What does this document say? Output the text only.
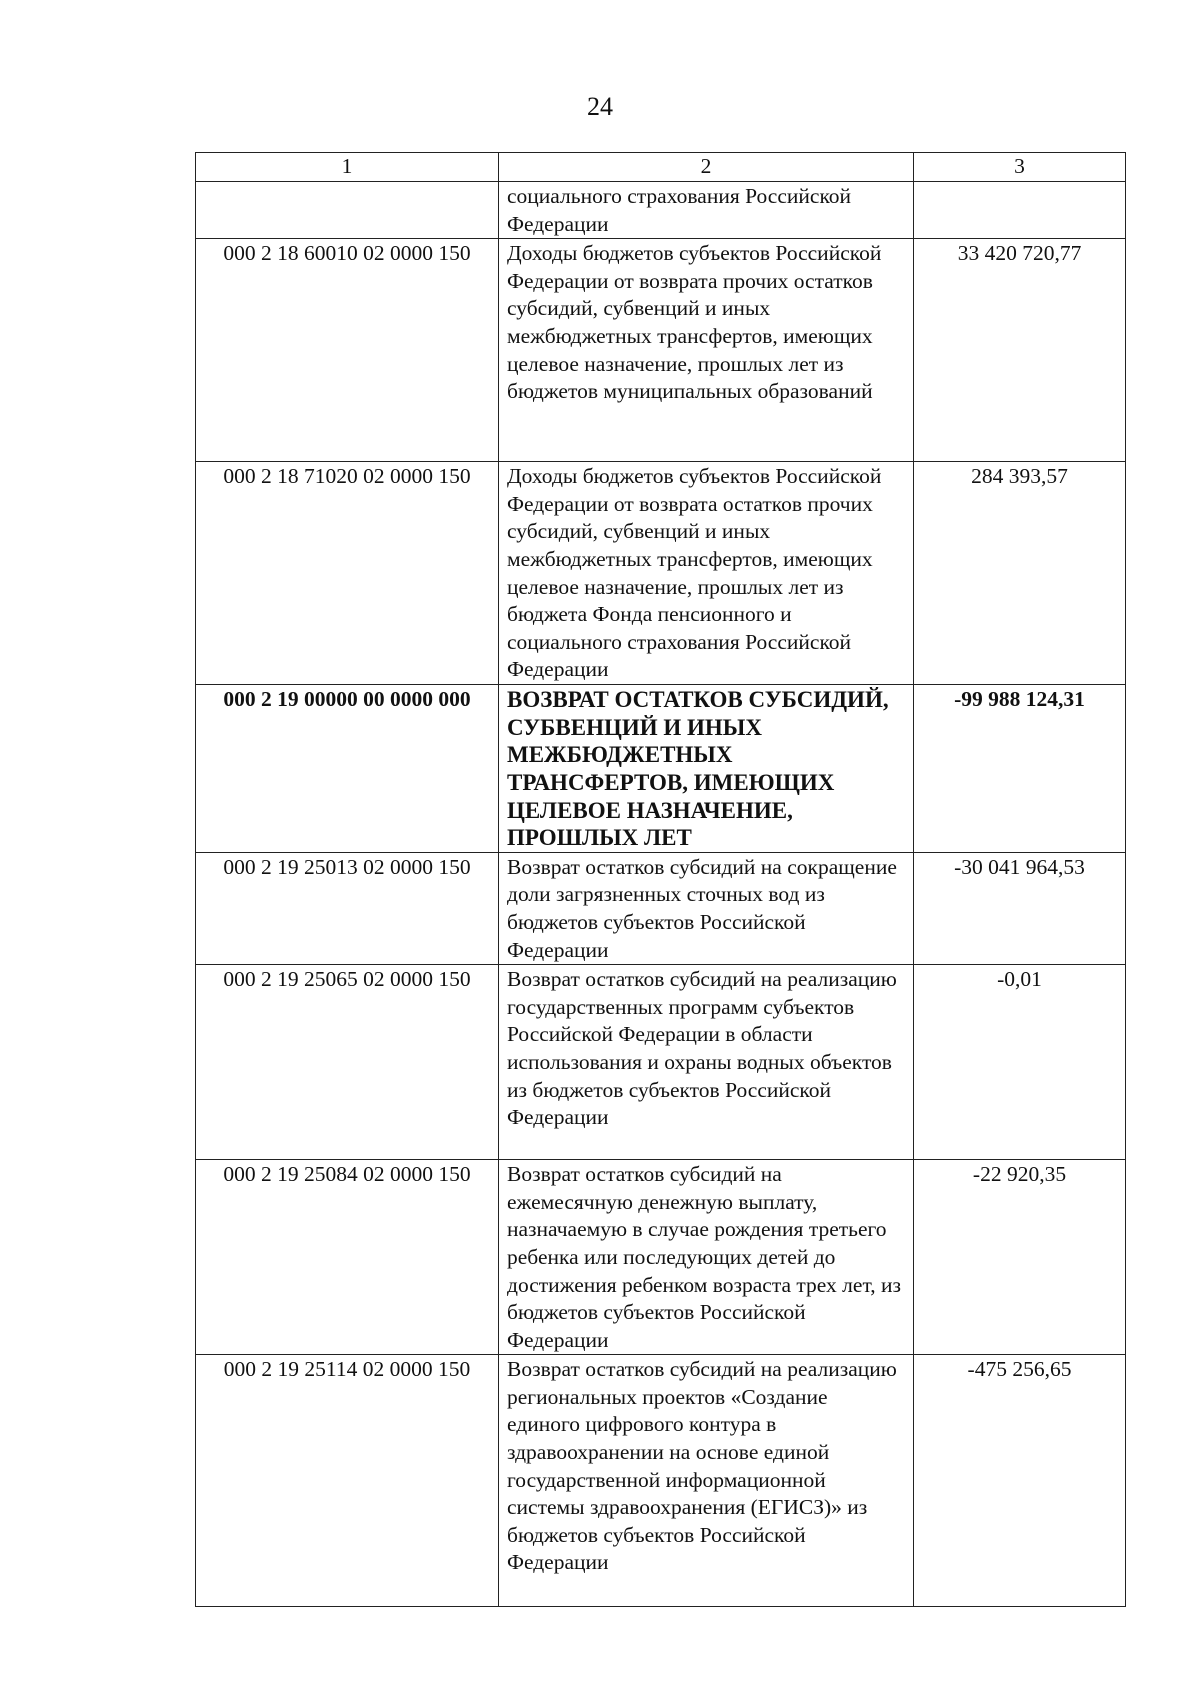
24
1	2	3
	социального страхования Российской Федерации	
000 2 18 60010 02 0000 150	Доходы бюджетов субъектов Российской Федерации от возврата прочих остатков субсидий, субвенций и иных межбюджетных трансфертов, имеющих целевое назначение, прошлых лет из бюджетов муниципальных образований	33 420 720,77
000 2 18 71020 02 0000 150	Доходы бюджетов субъектов Российской Федерации от возврата остатков прочих субсидий, субвенций и иных межбюджетных трансфертов, имеющих целевое назначение, прошлых лет из бюджета Фонда пенсионного и социального страхования Российской Федерации	284 393,57
000 2 19 00000 00 0000 000	ВОЗВРАТ ОСТАТКОВ СУБСИДИЙ, СУБВЕНЦИЙ И ИНЫХ МЕЖБЮДЖЕТНЫХ ТРАНСФЕРТОВ, ИМЕЮЩИХ ЦЕЛЕВОЕ НАЗНАЧЕНИЕ, ПРОШЛЫХ ЛЕТ	-99 988 124,31
000 2 19 25013 02 0000 150	Возврат остатков субсидий на сокращение доли загрязненных сточных вод из бюджетов субъектов Российской Федерации	-30 041 964,53
000 2 19 25065 02 0000 150	Возврат остатков субсидий на реализацию государственных программ субъектов Российской Федерации в области использования и охраны водных объектов из бюджетов субъектов Российской Федерации	-0,01
000 2 19 25084 02 0000 150	Возврат остатков субсидий на ежемесячную денежную выплату, назначаемую в случае рождения третьего ребенка или последующих детей до достижения ребенком возраста трех лет, из бюджетов субъектов Российской Федерации	-22 920,35
000 2 19 25114 02 0000 150	Возврат остатков субсидий на реализацию региональных проектов «Создание единого цифрового контура в здравоохранении на основе единой государственной информационной системы здравоохранения (ЕГИСЗ)» из бюджетов субъектов Российской Федерации	-475 256,65
